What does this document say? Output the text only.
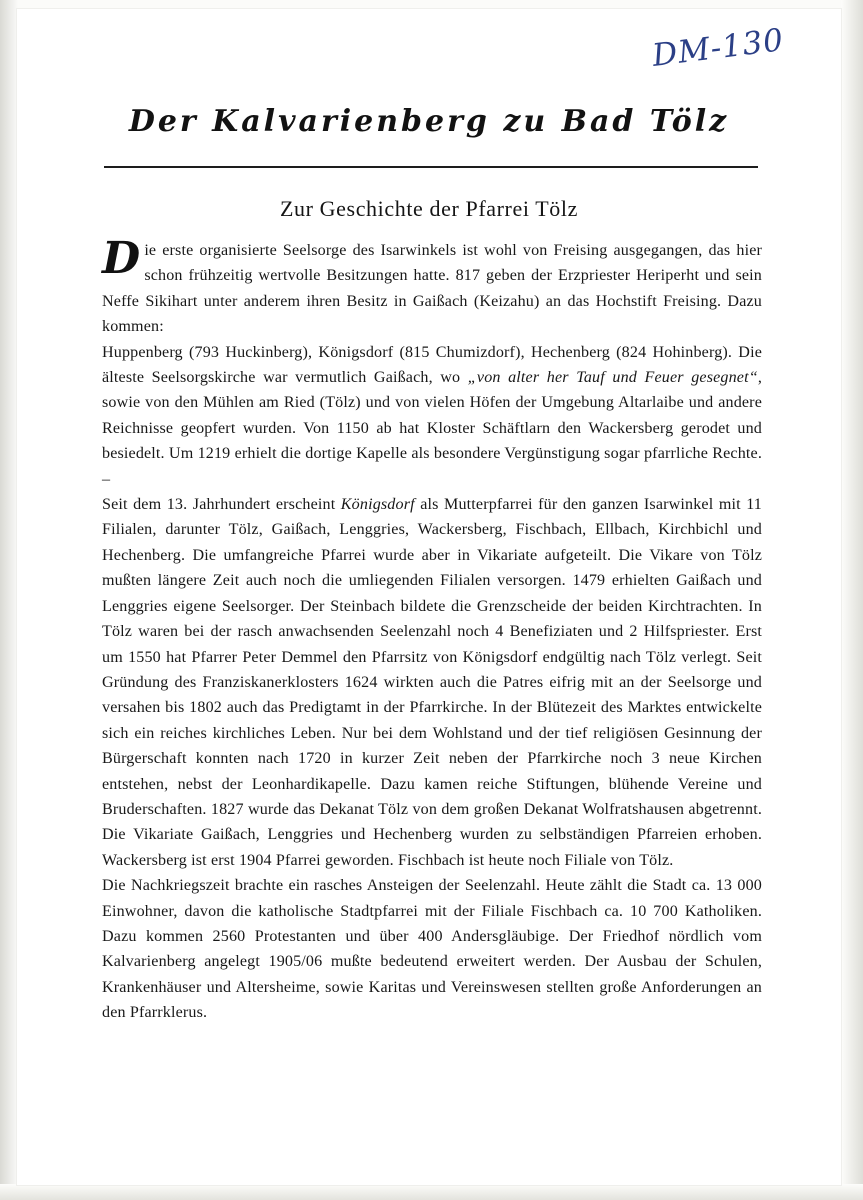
DM-130
Der Kalvarienberg zu Bad Tölz
Zur Geschichte der Pfarrei Tölz

Die erste organisierte Seelsorge des Isarwinkels ist wohl von Freising ausgegangen, das hier schon frühzeitig wertvolle Besitzungen hatte. 817 geben der Erzpriester Heriperht und sein Neffe Sikihart unter anderem ihren Besitz in Gaißach (Keizahu) an das Hochstift Freising. Dazu kommen:

Huppenberg (793 Huckinberg), Königsdorf (815 Chumizdorf), Hechenberg (824 Hohinberg). Die älteste Seelsorgskirche war vermutlich Gaißach, wo „von alter her Tauf und Feuer gesegnet“, sowie von den Mühlen am Ried (Tölz) und von vielen Höfen der Umgebung Altarlaibe und andere Reichnisse geopfert wurden. Von 1150 ab hat Kloster Schäftlarn den Wackersberg gerodet und besiedelt. Um 1219 erhielt die dortige Kapelle als besondere Vergünstigung sogar pfarrliche Rechte. –

Seit dem 13. Jahrhundert erscheint Königsdorf als Mutterpfarrei für den ganzen Isarwinkel mit 11 Filialen, darunter Tölz, Gaißach, Lenggries, Wackersberg, Fischbach, Ellbach, Kirchbichl und Hechenberg. Die umfangreiche Pfarrei wurde aber in Vikariate aufgeteilt. Die Vikare von Tölz mußten längere Zeit auch noch die umliegenden Filialen versorgen. 1479 erhielten Gaißach und Lenggries eigene Seelsorger. Der Steinbach bildete die Grenzscheide der beiden Kirchtrachten. In Tölz waren bei der rasch anwachsenden Seelenzahl noch 4 Benefiziaten und 2 Hilfspriester. Erst um 1550 hat Pfarrer Peter Demmel den Pfarrsitz von Königsdorf endgültig nach Tölz verlegt. Seit Gründung des Franziskanerklosters 1624 wirkten auch die Patres eifrig mit an der Seelsorge und versahen bis 1802 auch das Predigtamt in der Pfarrkirche. In der Blütezeit des Marktes entwickelte sich ein reiches kirchliches Leben. Nur bei dem Wohlstand und der tief religiösen Gesinnung der Bürgerschaft konnten nach 1720 in kurzer Zeit neben der Pfarrkirche noch 3 neue Kirchen entstehen, nebst der Leonhardikapelle. Dazu kamen reiche Stiftungen, blühende Vereine und Bruderschaften. 1827 wurde das Dekanat Tölz von dem großen Dekanat Wolfratshausen abgetrennt. Die Vikariate Gaißach, Lenggries und Hechenberg wurden zu selbständigen Pfarreien erhoben. Wackersberg ist erst 1904 Pfarrei geworden. Fischbach ist heute noch Filiale von Tölz.

Die Nachkriegszeit brachte ein rasches Ansteigen der Seelenzahl. Heute zählt die Stadt ca. 13 000 Einwohner, davon die katholische Stadtpfarrei mit der Filiale Fischbach ca. 10 700 Katholiken. Dazu kommen 2560 Protestanten und über 400 Andersgläubige. Der Friedhof nördlich vom Kalvarienberg angelegt 1905/06 mußte bedeutend erweitert werden. Der Ausbau der Schulen, Krankenhäuser und Altersheime, sowie Karitas und Vereinswesen stellten große Anforderungen an den Pfarrklerus.
